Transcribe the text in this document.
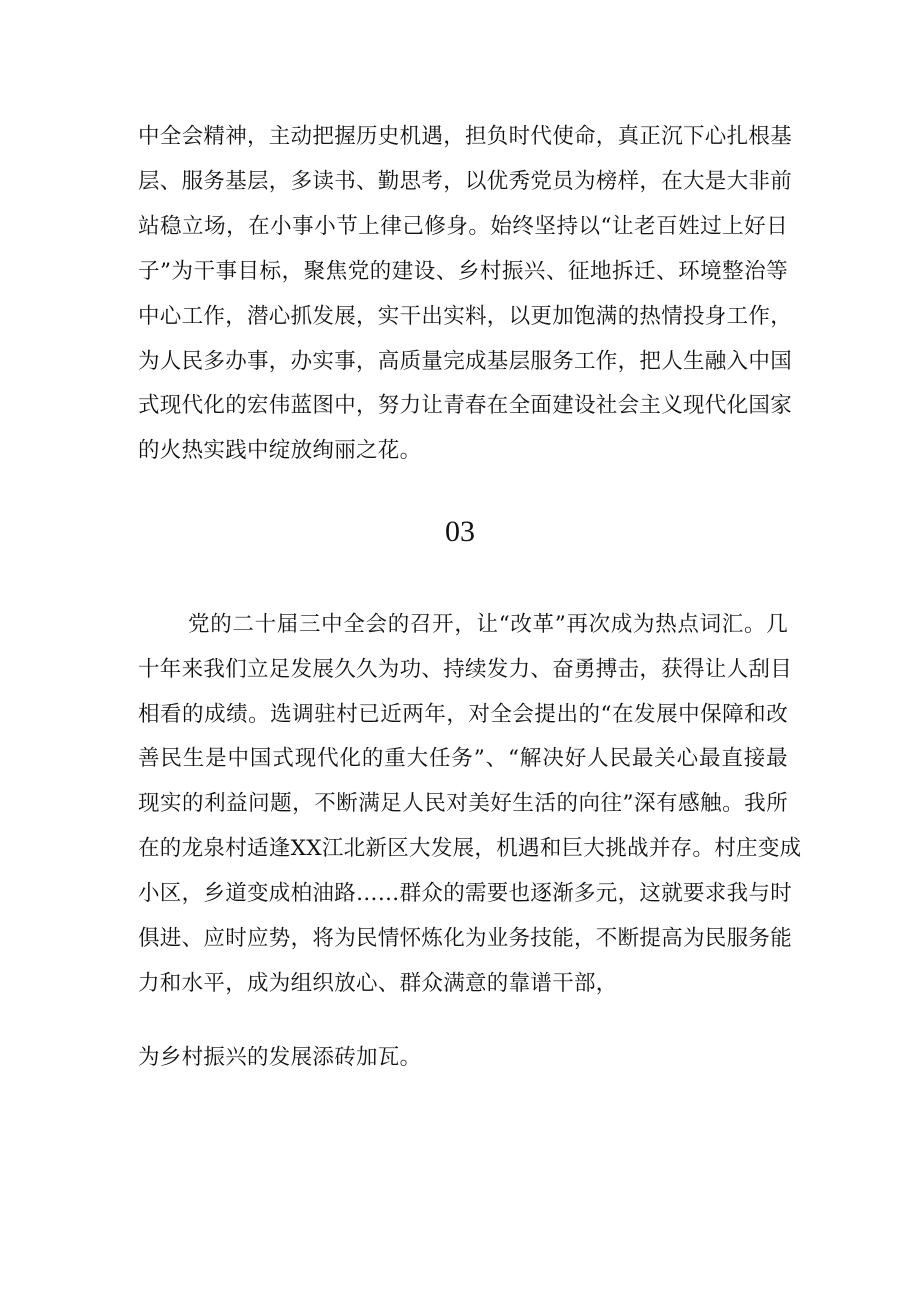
中全会精神，主动把握历史机遇，担负时代使命，真正沉下心扎根基
层、服务基层，多读书、勤思考，以优秀党员为榜样，在大是大非前
站稳立场，在小事小节上律己修身。始终坚持以“让老百姓过上好日
子”为干事目标，聚焦党的建设、乡村振兴、征地拆迁、环境整治等
中心工作，潜心抓发展，实干出实料，以更加饱满的热情投身工作，
为人民多办事，办实事，高质量完成基层服务工作，把人生融入中国
式现代化的宏伟蓝图中，努力让青春在全面建设社会主义现代化国家
的火热实践中绽放绚丽之花。
03
党的二十届三中全会的召开，让“改革”再次成为热点词汇。几
十年来我们立足发展久久为功、持续发力、奋勇搏击，获得让人刮目
相看的成绩。选调驻村已近两年，对全会提出的“在发展中保障和改
善民生是中国式现代化的重大任务”、“解决好人民最关心最直接最
现实的利益问题，不断满足人民对美好生活的向往”深有感触。我所
在的龙泉村适逢XX江北新区大发展，机遇和巨大挑战并存。村庄变成
小区，乡道变成柏油路……群众的需要也逐渐多元，这就要求我与时
俱进、应时应势，将为民情怀炼化为业务技能，不断提高为民服务能
力和水平，成为组织放心、群众满意的靠谱干部，
为乡村振兴的发展添砖加瓦。
